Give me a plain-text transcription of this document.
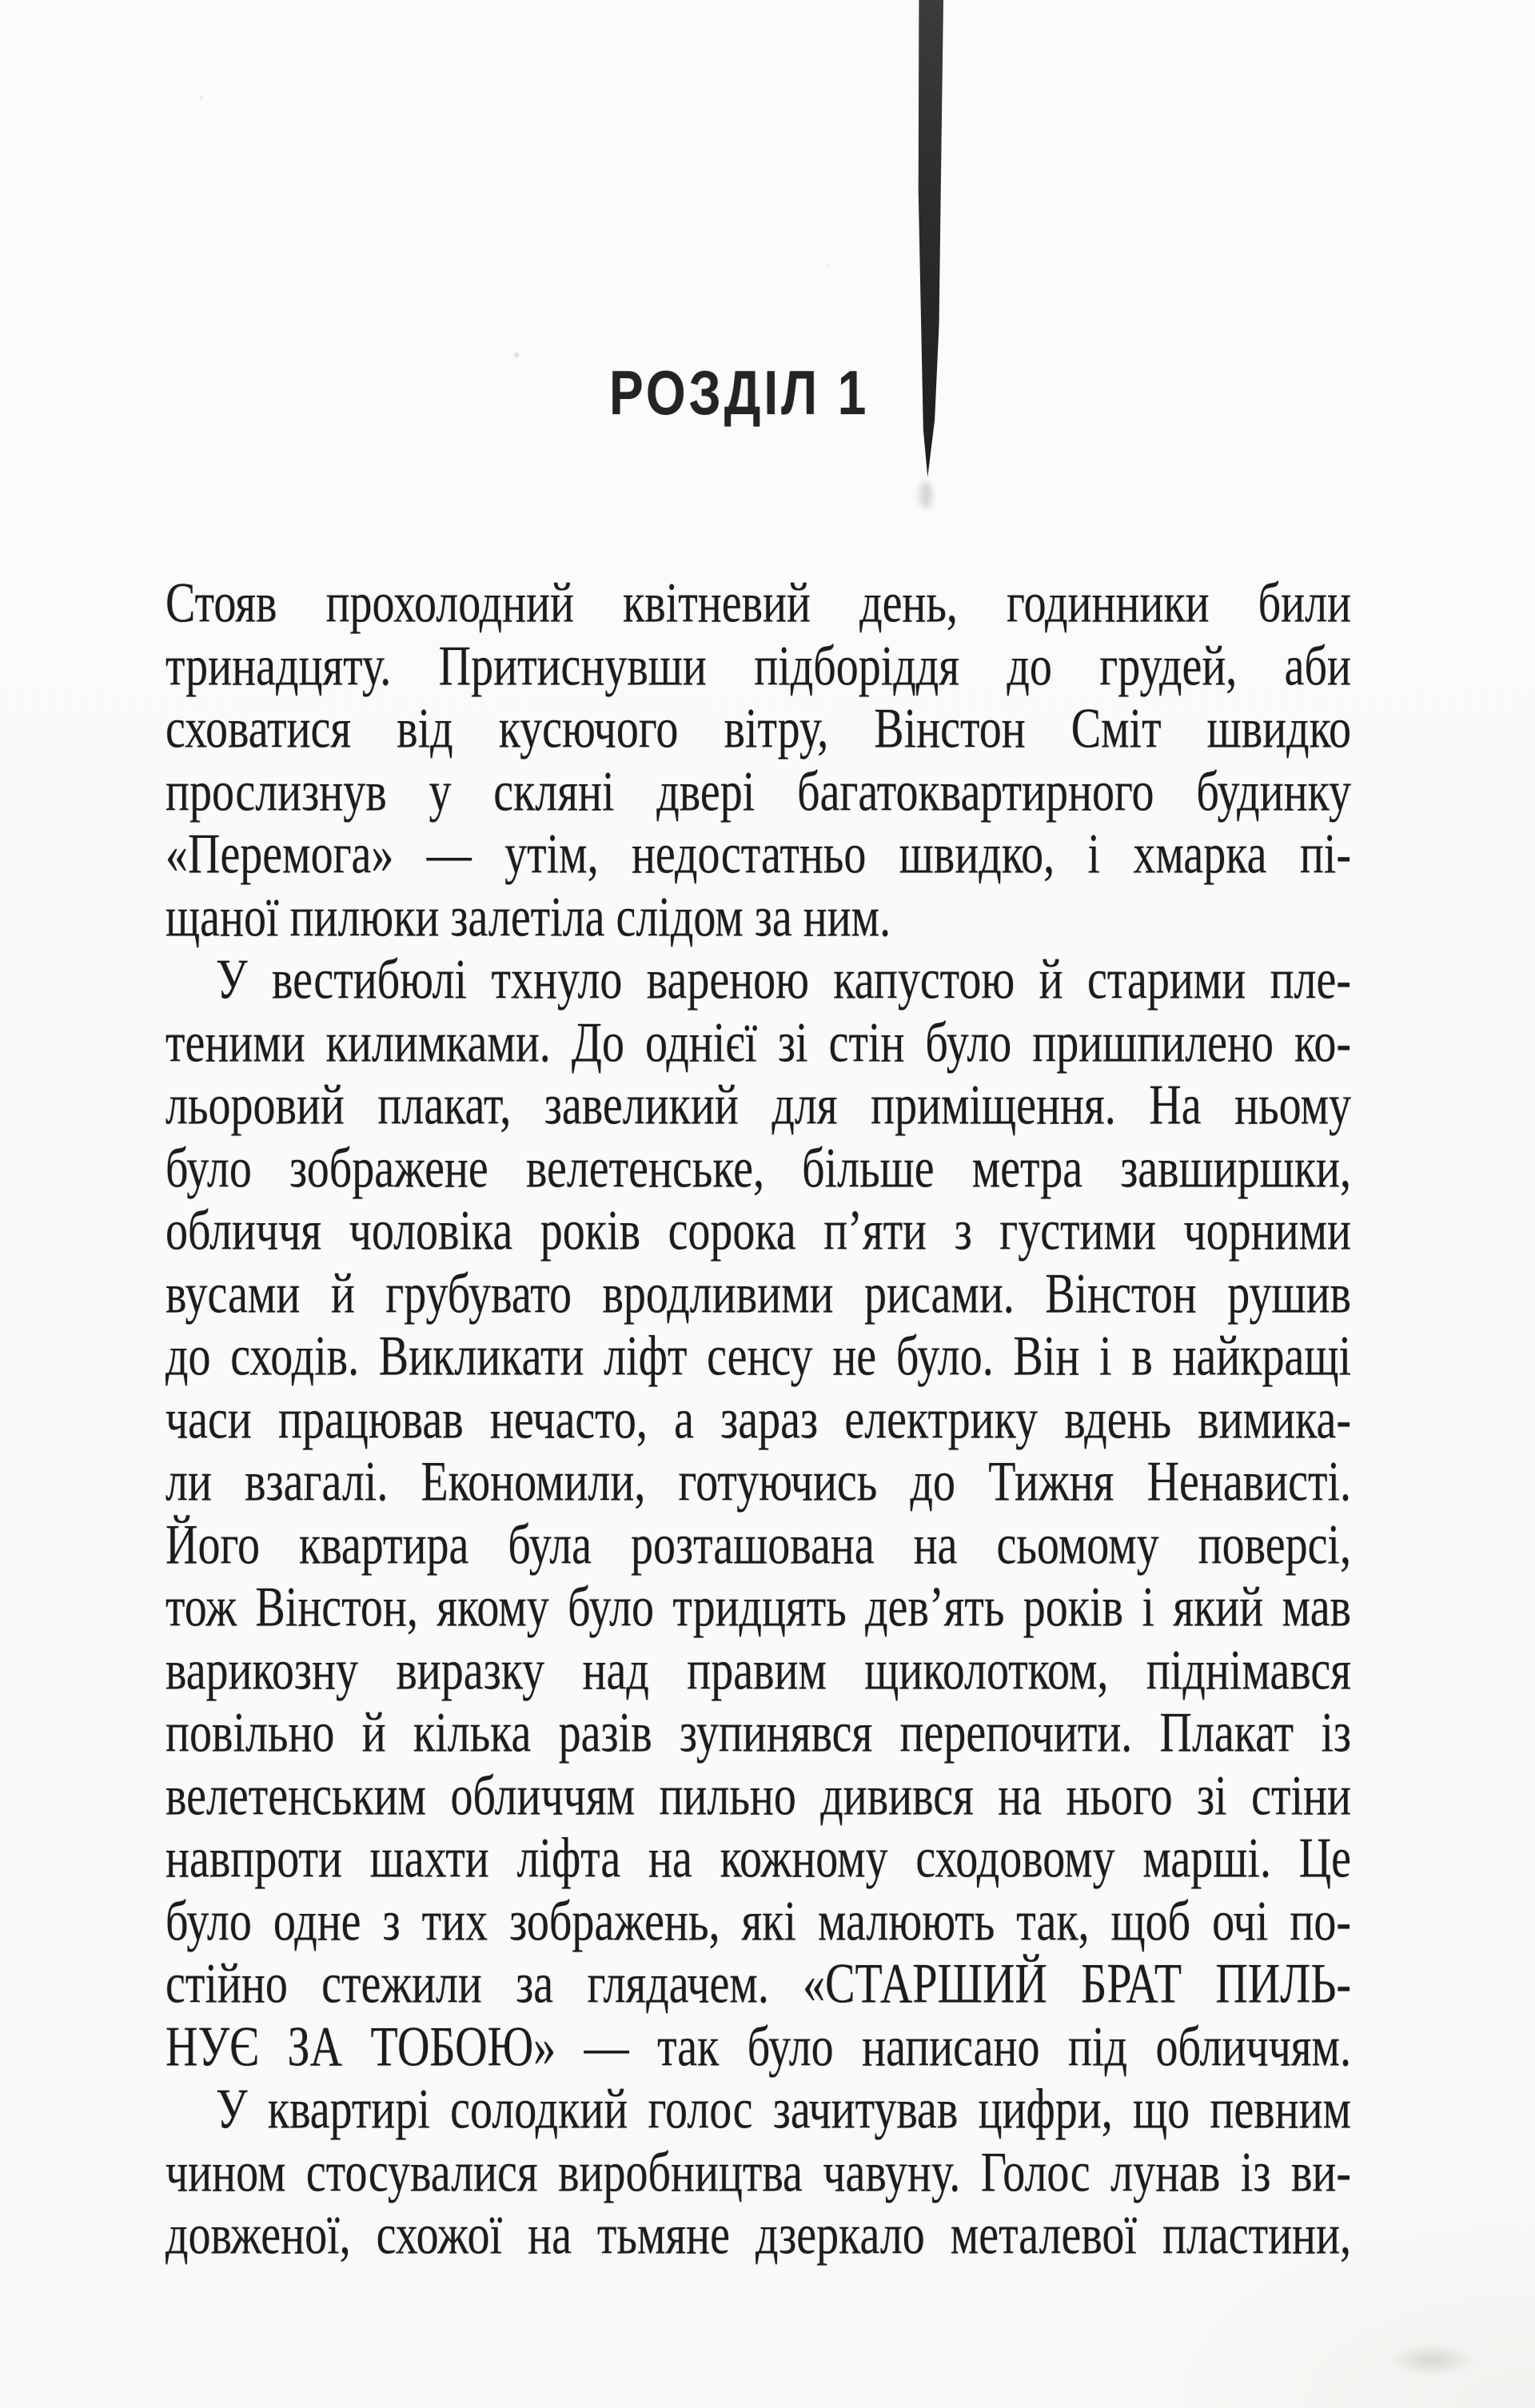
РОЗДІЛ 1
Стояв прохолодний квітневий день, годинники били
тринадцяту. Притиснувши підборіддя до грудей, аби
сховатися від кусючого вітру, Вінстон Сміт швидко
прослизнув у скляні двері багатоквартирного будинку
«Перемога» — утім, недостатньо швидко, і хмарка пі-
щаної пилюки залетіла слідом за ним.
У вестибюлі тхнуло вареною капустою й старими пле-
теними килимками. До однієї зі стін було пришпилено ко-
льоровий плакат, завеликий для приміщення. На ньому
було зображене велетенське, більше метра завширшки,
обличчя чоловіка років сорока п’яти з густими чорними
вусами й грубувато вродливими рисами. Вінстон рушив
до сходів. Викликати ліфт сенсу не було. Він і в найкращі
часи працював нечасто, а зараз електрику вдень вимика-
ли взагалі. Економили, готуючись до Тижня Ненависті.
Його квартира була розташована на сьомому поверсі,
тож Вінстон, якому було тридцять дев’ять років і який мав
варикозну виразку над правим щиколотком, піднімався
повільно й кілька разів зупинявся перепочити. Плакат із
велетенським обличчям пильно дивився на нього зі стіни
навпроти шахти ліфта на кожному сходовому марші. Це
було одне з тих зображень, які малюють так, щоб очі по-
стійно стежили за глядачем. «СТАРШИЙ БРАТ ПИЛЬ-
НУЄ ЗА ТОБОЮ» — так було написано під обличчям.
У квартирі солодкий голос зачитував цифри, що певним
чином стосувалися виробництва чавуну. Голос лунав із ви-
довженої, схожої на тьмяне дзеркало металевої пластини,
